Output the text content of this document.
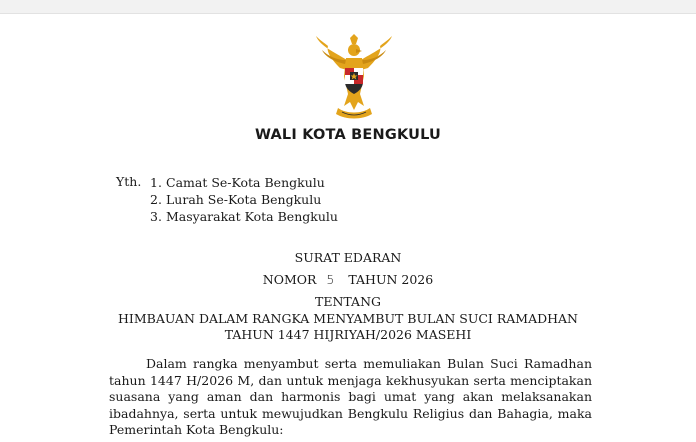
WALI KOTA BENGKULU
Yth. 1. Camat Se-Kota Bengkulu
2. Lurah Se-Kota Bengkulu
3. Masyarakat Kota Bengkulu
SURAT EDARAN
NOMOR 5 TAHUN 2026
TENTANG
HIMBAUAN DALAM RANGKA MENYAMBUT BULAN SUCI RAMADHAN
TAHUN 1447 HIJRIYAH/2026 MASEHI

Dalam rangka menyambut serta memuliakan Bulan Suci Ramadhan tahun 1447 H/2026 M, dan untuk menjaga kekhusyukan serta menciptakan suasana yang aman dan harmonis bagi umat yang akan melaksanakan ibadahnya, serta untuk mewujudkan Bengkulu Religius dan Bahagia, maka Pemerintah Kota Bengkulu:
